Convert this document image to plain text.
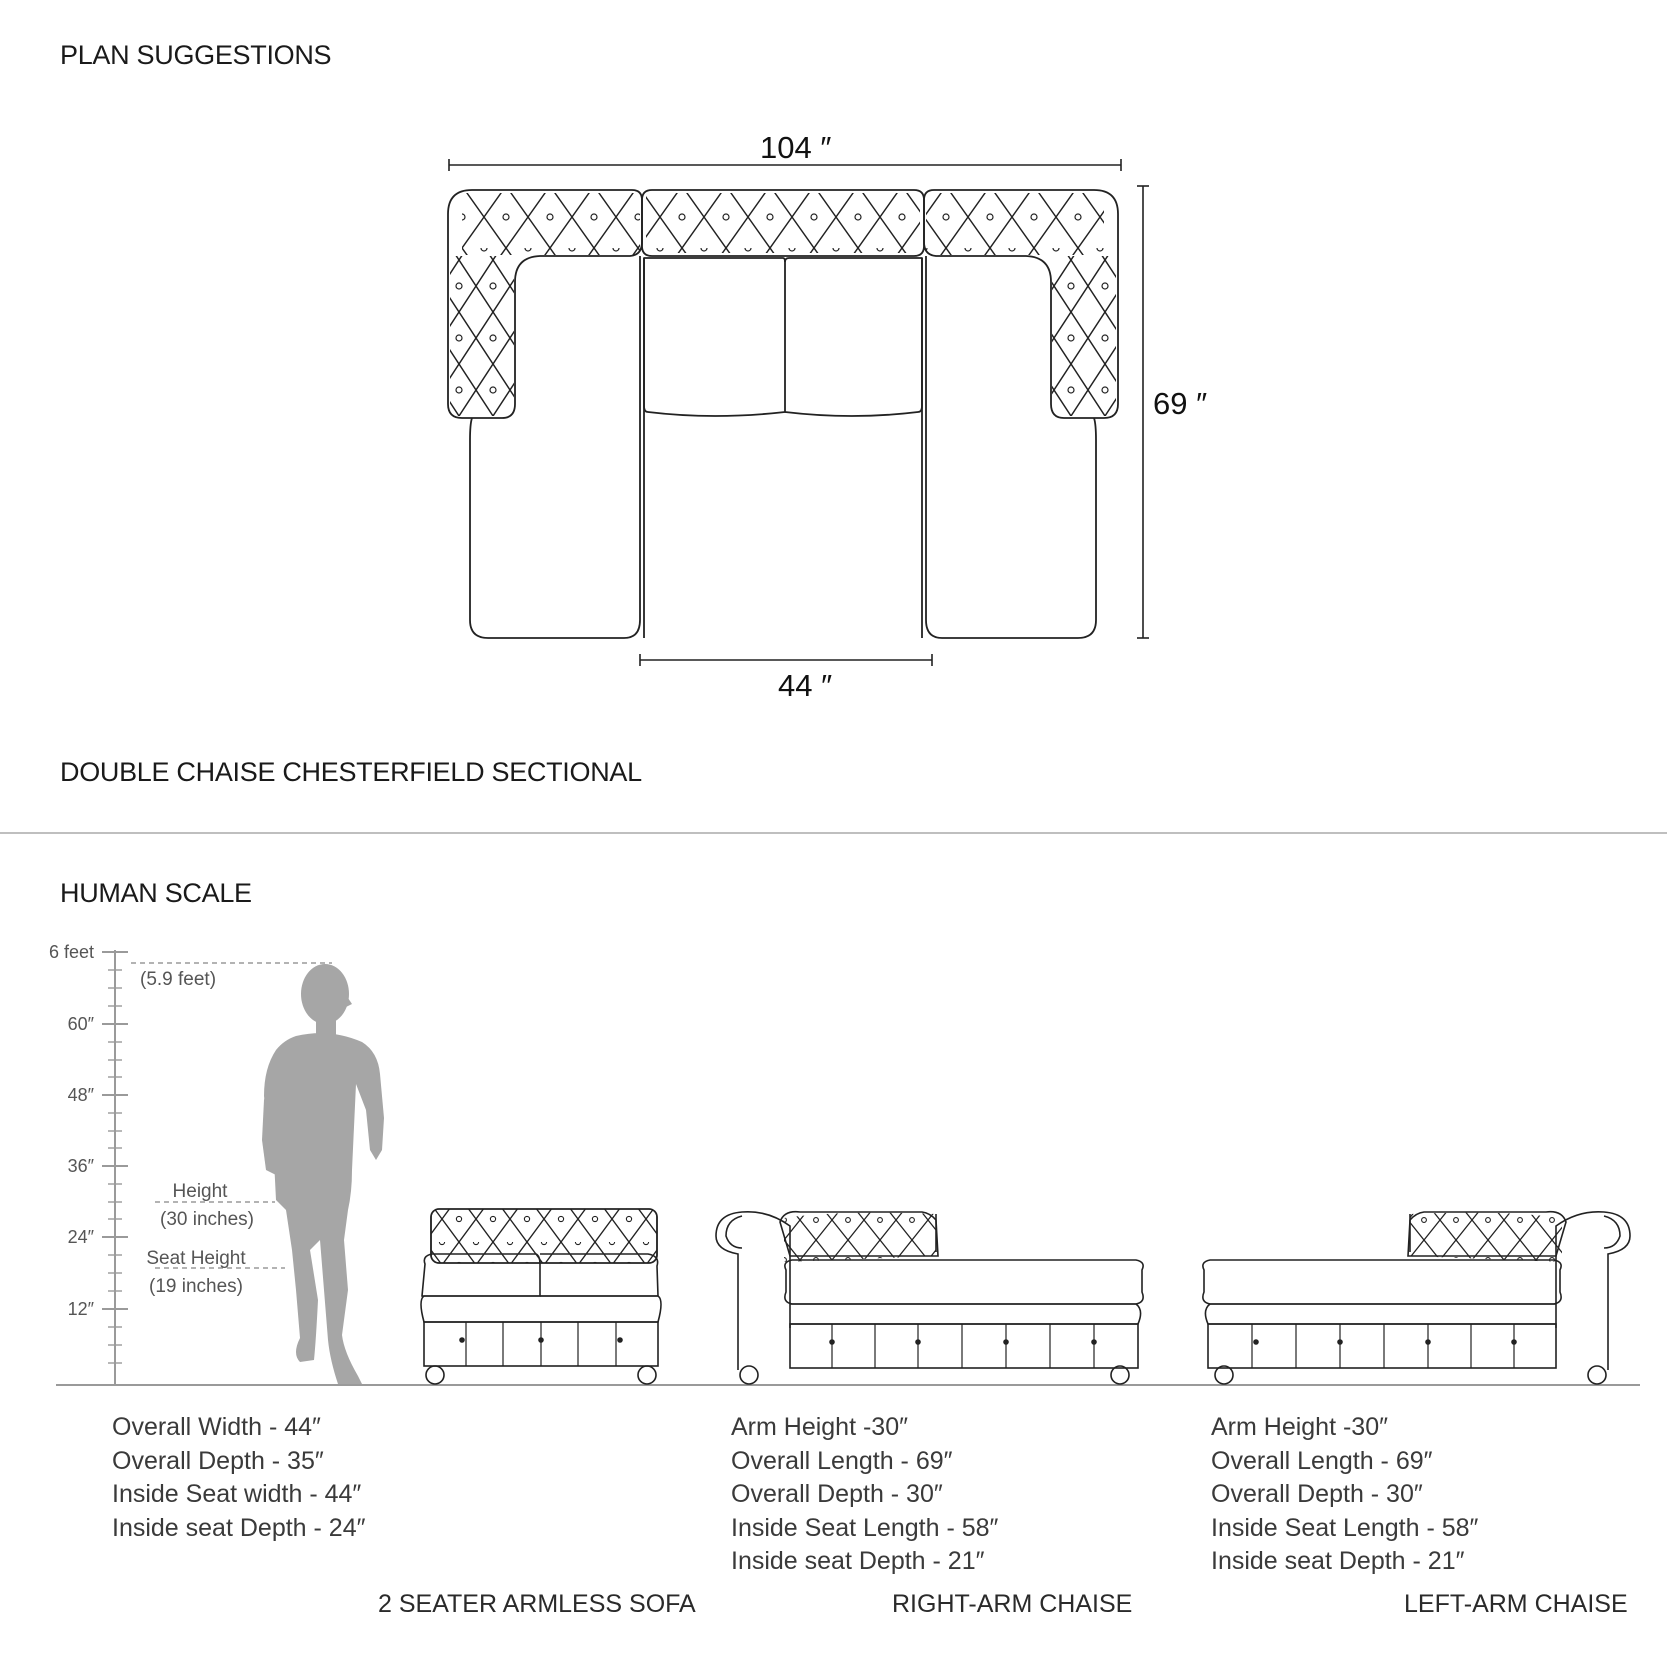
PLAN SUGGESTIONS
104 ″
69 ″
44 ″
6 feet
60″
48″
36″
24″
12″
(5.9 feet)
Height
(30 inches)
Seat Height
(19 inches)
DOUBLE CHAISE CHESTERFIELD SECTIONAL
HUMAN SCALE
Overall Width - 44″
Overall Depth - 35″
Inside Seat width - 44″
Inside seat Depth - 24″
Arm Height -30″
Overall Length - 69″
Overall Depth - 30″
Inside Seat Length - 58″
Inside seat Depth - 21″
Arm Height -30″
Overall Length - 69″
Overall Depth - 30″
Inside Seat Length - 58″
Inside seat Depth - 21″
2 SEATER ARMLESS SOFA	RIGHT-ARM CHAISE	LEFT-ARM CHAISE
